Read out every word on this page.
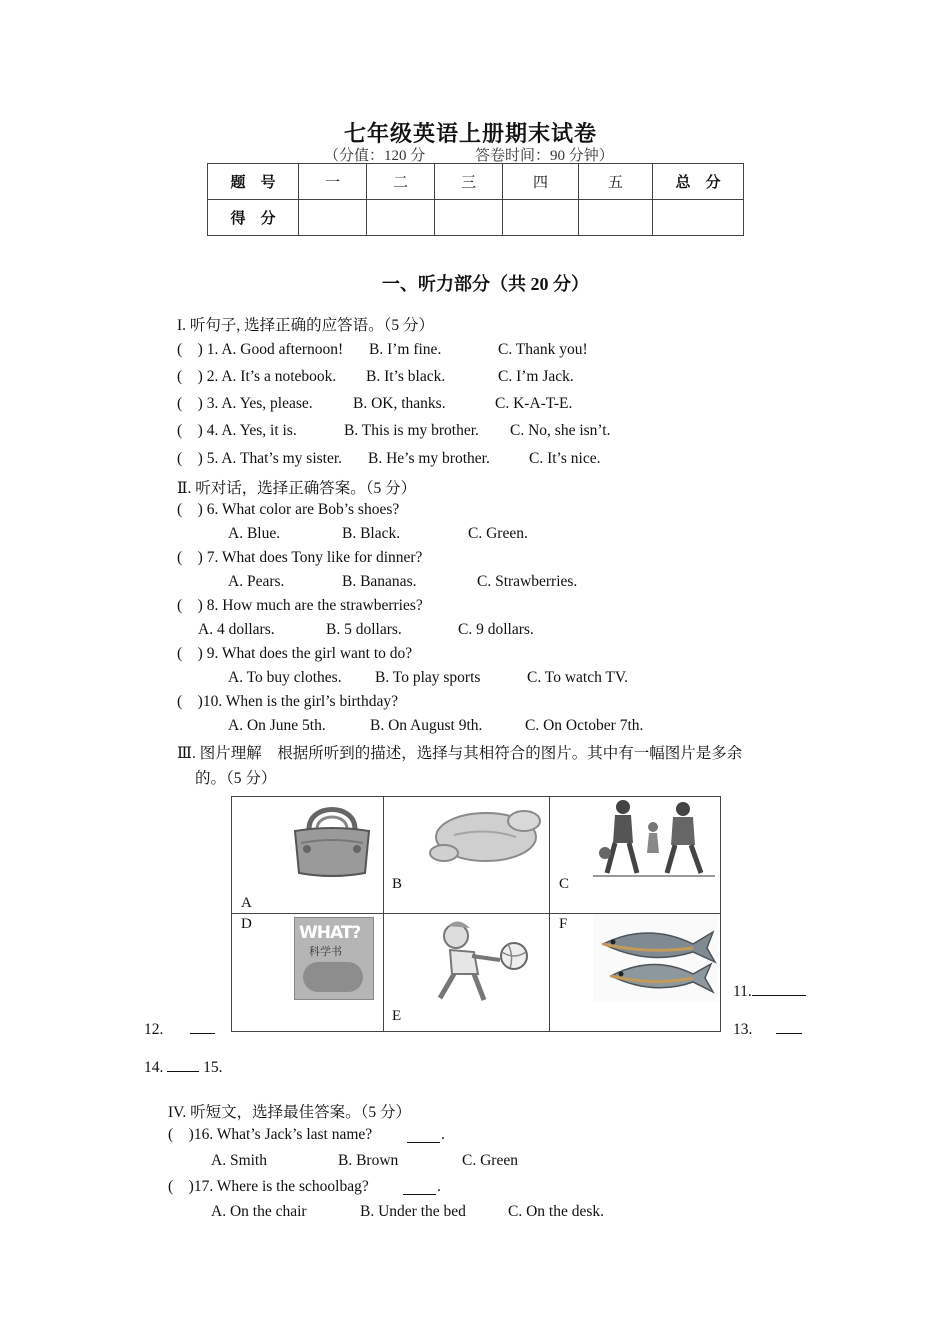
七年级英语上册期末试卷
（分值：120 分	答卷时间：90 分钟）
题　号	一	二	三	四	五	总　分
得　分						
一、听力部分（共 20 分）
I. 听句子, 选择正确的应答语。（5 分）
(    ) 1. A. Good afternoon! B. I’m fine.	C. Thank you!
(    ) 2. A. It’s a notebook. B. It’s black.	C. I’m Jack.
(    ) 3. A. Yes, please.	B. OK, thanks.	C. K-A-T-E.
(    ) 4. A. Yes, it is.	B. This is my brother. C. No, she isn’t.
(    ) 5. A. That’s my sister. B. He’s my brother.	C. It’s nice.
Ⅱ. 听对话，选择正确答案。（5 分）
(    ) 6. What color are Bob’s shoes?
A. Blue.	B. Black.	C. Green.
(    ) 7. What does Tony like for dinner?
A. Pears.	B. Bananas.	C. Strawberries.
(    ) 8. How much are the strawberries?
A. 4 dollars.	B. 5 dollars.	C. 9 dollars.
(    ) 9. What does the girl want to do?
A. To buy clothes. B. To play sports	C. To watch TV.
(    )10. When is the girl’s birthday?
A. On June 5th.	B. On August 9th.	C. On October 7th.
Ⅲ. 图片理解　根据所听到的描述，选择与其相符合的图片。其中有一幅图片是多余
的。（5 分）
A
B	C
D	WHAT?
科学书
E
F
11.
12.	13.
14.	15.
IV. 听短文，选择最佳答案。（5 分）
(    )16. What’s Jack’s last name?	.
A. Smith	B. Brown	C. Green
(    )17. Where is the schoolbag?	.
A. On the chair	B. Under the bed	C. On the desk.
